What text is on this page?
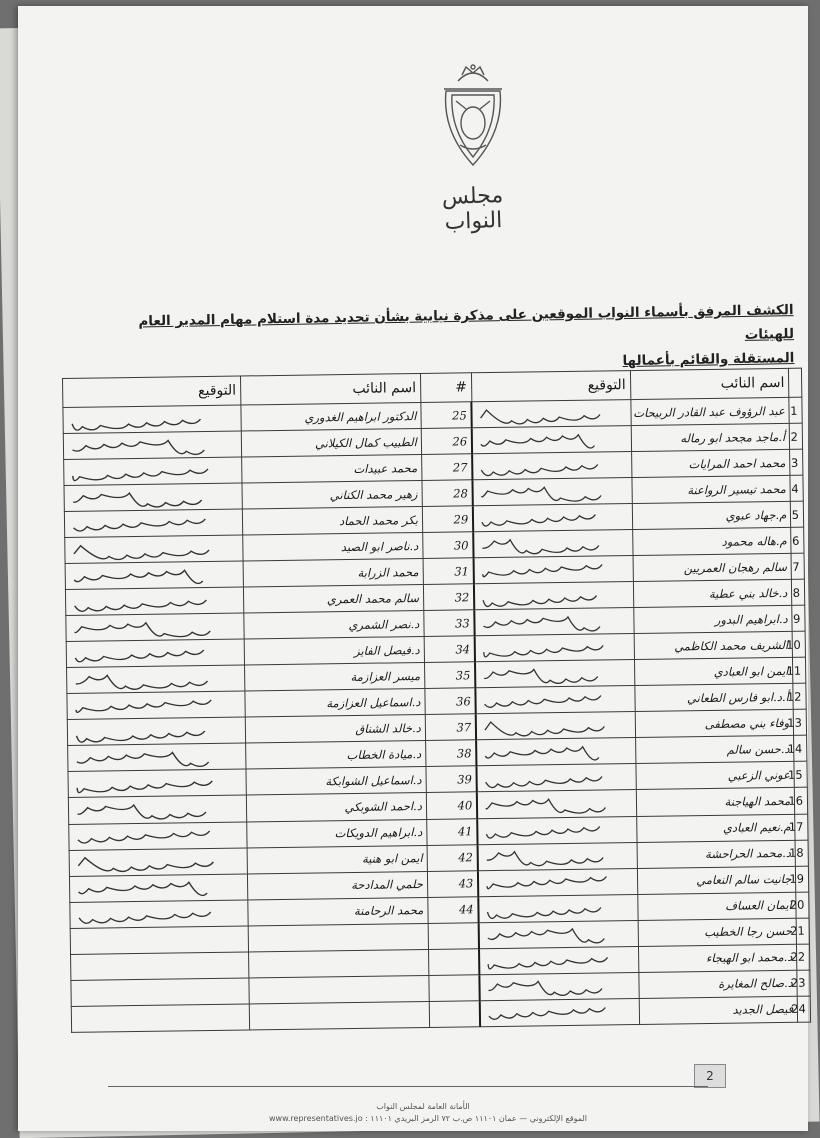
مجلس النواب
الكشف المرفق بأسماء النواب الموقعين على مذكرة نيابية بشأن تحديد مدة استلام مهام المدير العام للهيئات
المستقلة والقائم بأعمالها
	اسم النائب	التوقيع	#	اسم النائب	التوقيع
1	عبد الرؤوف عبد القادر الربيحات		25	الدكتور ابراهيم الغدوري	

2	أ.ماجد مجحد ابو رماله		26	الطبيب كمال الكيلاني	

3	محمد احمد المرايات		27	محمد عبيدات	

4	محمد تيسير الرواعنة		28	زهير محمد الكناني	

5	م.جهاد عبوي		29	بكر محمد الحماد	

6	م.هاله محمود		30	د.ناصر ابو الصيد	

7	سالم رهجان العمريين		31	محمد الزرابة	

8	د.خالد بني عطية		32	سالم محمد العمري	

9	د.ابراهيم البدور		33	د.نصر الشمري	

10	الشريف محمد الكاظمي		34	د.فيصل الفايز	

11	ايمن ابو العبادي		35	ميسر العزازمة	

12	أ.د.ابو فارس الطعاني		36	د.اسماعيل العزازمة	

13	وفاء بني مصطفى		37	د.خالد الشناق	

14	د.حسن سالم		38	د.ميادة الخطاب	

15	عوني الزعبي		39	د.اسماعيل الشوابكة	

16	محمد الهياجنة		40	د.احمد الشوبكي	

17	م.نعيم العبادي		41	د.ابراهيم الدويكات	

18	د.محمد الحراحشة		42	ايمن ابو هنية	

19	جانيت سالم النعامي		43	حلمي المدادحة	

20	ايمان العساف		44	محمد الرحامنة	

21	حسن رجا الخطيب	

22	د.محمد ابو الهيجاء	

23	د.صالح المغايرة	

24	فيصل الجديد	

2
الأمانة العامة لمجلس النواب
www.representatives.jo : الموقع الإلكتروني — عمان ١١١٠١ ص.ب ٧٢ الرمز البريدي ١١١٠١
